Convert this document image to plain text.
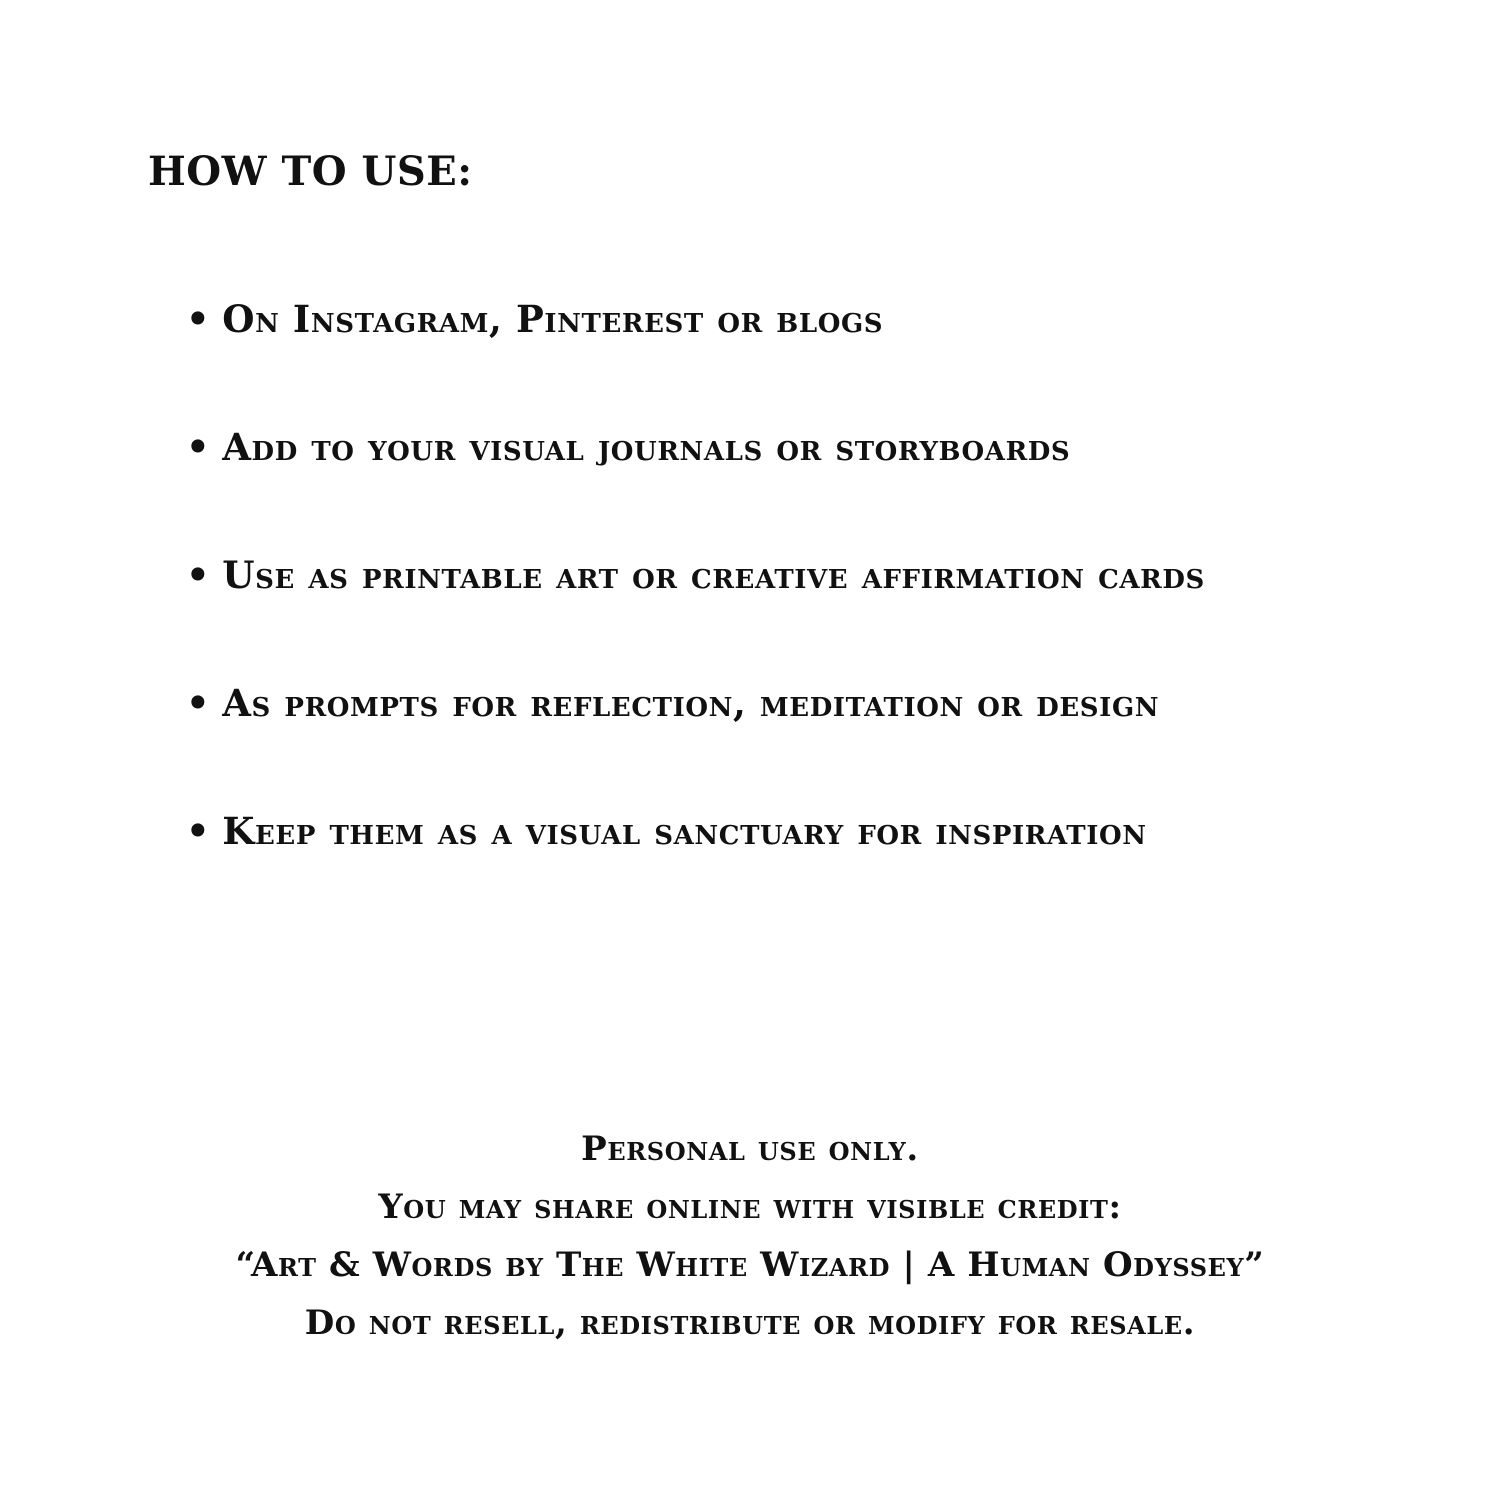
HOW TO USE:
• On Instagram, Pinterest or blogs
• Add to your visual journals or storyboards
• Use as printable art or creative affirmation cards
• As prompts for reflection, meditation or design
• Keep them as a visual sanctuary for inspiration
Personal use only.
You may share online with visible credit:
“Art & Words by The White Wizard | A Human Odyssey”
Do not resell, redistribute or modify for resale.
